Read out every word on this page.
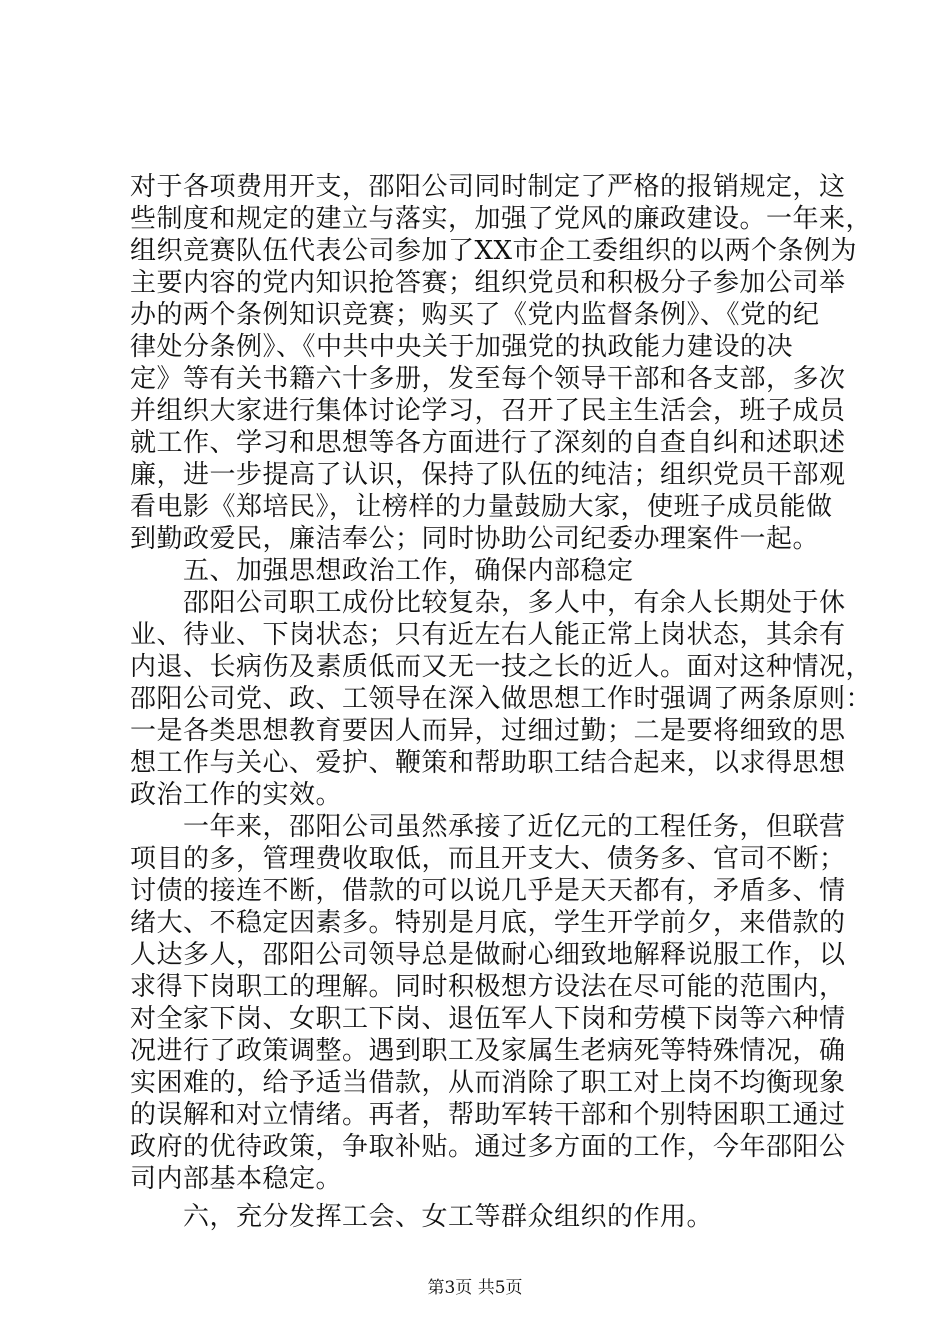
对于各项费用开支，邵阳公司同时制定了严格的报销规定，这
些制度和规定的建立与落实，加强了党风的廉政建设。一年来，
组织竞赛队伍代表公司参加了XX市企工委组织的以两个条例为
主要内容的党内知识抢答赛；组织党员和积极分子参加公司举
办的两个条例知识竞赛；购买了《党内监督条例》、《党的纪
律处分条例》、《中共中央关于加强党的执政能力建设的决
定》等有关书籍六十多册，发至每个领导干部和各支部，多次
并组织大家进行集体讨论学习，召开了民主生活会，班子成员
就工作、学习和思想等各方面进行了深刻的自查自纠和述职述
廉，进一步提高了认识，保持了队伍的纯洁；组织党员干部观
看电影《郑培民》，让榜样的力量鼓励大家，使班子成员能做
到勤政爱民，廉洁奉公；同时协助公司纪委办理案件一起。
　　五、加强思想政治工作，确保内部稳定
　　邵阳公司职工成份比较复杂，多人中，有余人长期处于休
业、待业、下岗状态；只有近左右人能正常上岗状态，其余有
内退、长病伤及素质低而又无一技之长的近人。面对这种情况，
邵阳公司党、政、工领导在深入做思想工作时强调了两条原则：
一是各类思想教育要因人而异，过细过勤；二是要将细致的思
想工作与关心、爱护、鞭策和帮助职工结合起来，以求得思想
政治工作的实效。
　　一年来，邵阳公司虽然承接了近亿元的工程任务，但联营
项目的多，管理费收取低，而且开支大、债务多、官司不断；
讨债的接连不断，借款的可以说几乎是天天都有，矛盾多、情
绪大、不稳定因素多。特别是月底，学生开学前夕，来借款的
人达多人，邵阳公司领导总是做耐心细致地解释说服工作，以
求得下岗职工的理解。同时积极想方设法在尽可能的范围内，
对全家下岗、女职工下岗、退伍军人下岗和劳模下岗等六种情
况进行了政策调整。遇到职工及家属生老病死等特殊情况，确
实困难的，给予适当借款，从而消除了职工对上岗不均衡现象
的误解和对立情绪。再者，帮助军转干部和个别特困职工通过
政府的优待政策，争取补贴。通过多方面的工作，今年邵阳公
司内部基本稳定。
　　六，充分发挥工会、女工等群众组织的作用。
第3页 共5页
